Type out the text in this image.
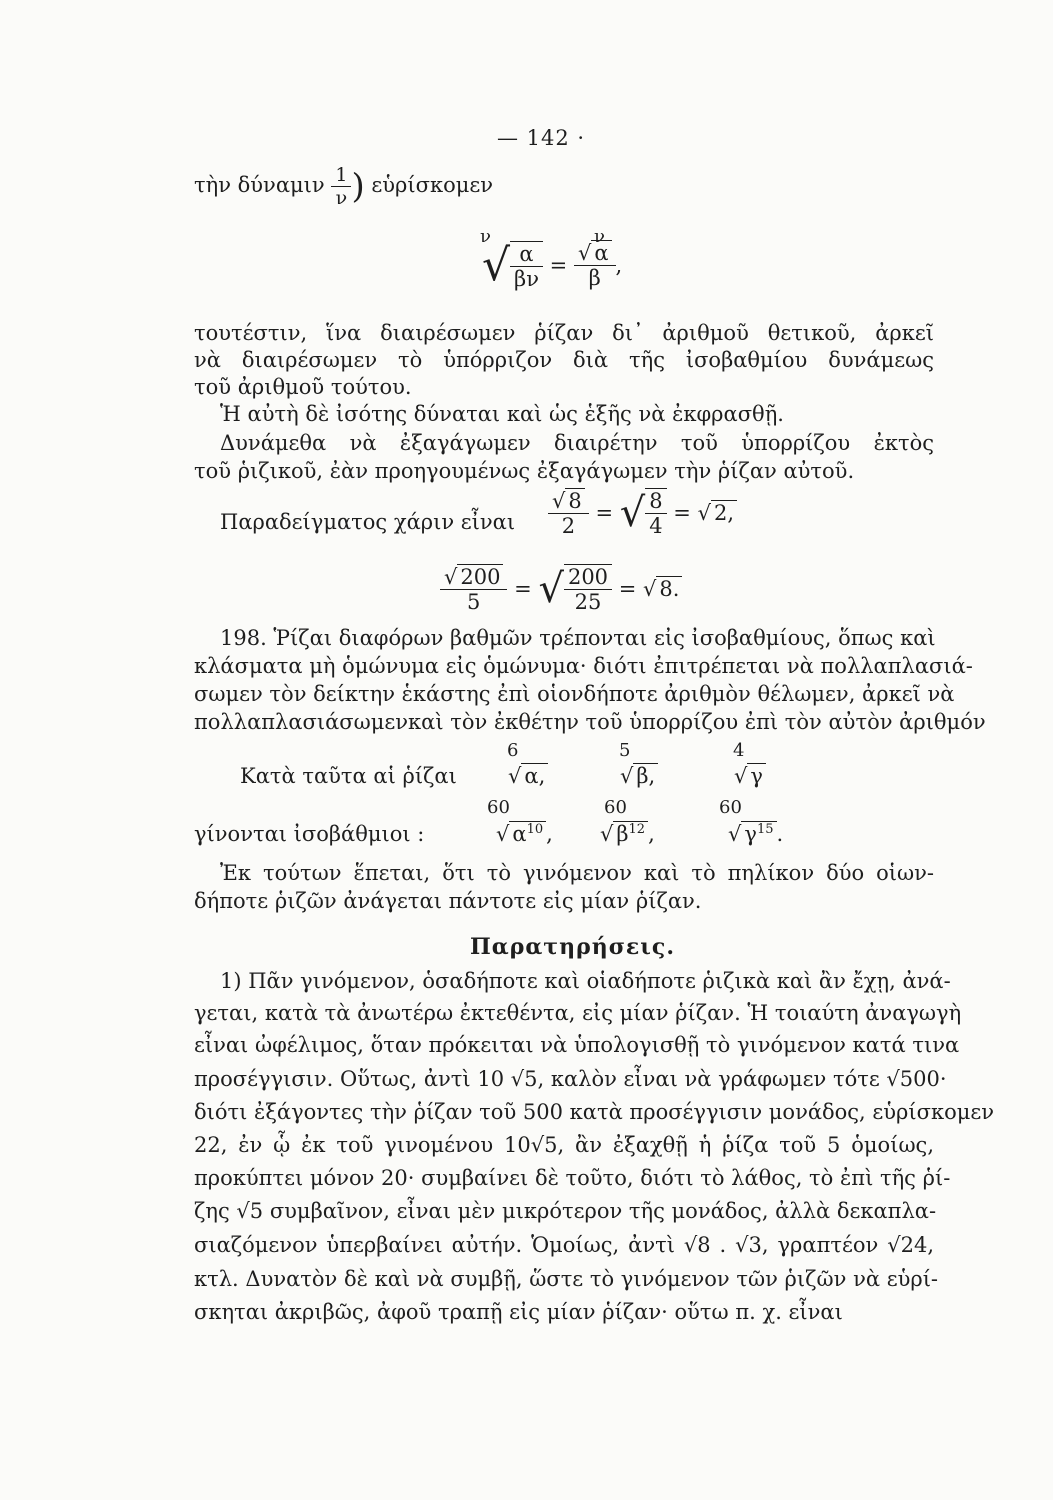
— 142 ·
τὴν δύναμιν $\frac{1}{\nu}$ ) εὑρίσκομεν
ν	ν
√ $\frac{\alpha}{\beta\nu} = \frac{√ \alpha}{\beta}$ ,
τουτέστιν, ἵνα διαιρέσωμεν ῥίζαν δι᾽ ἀριθμοῦ θετικοῦ, ἀρκεῖ
νὰ διαιρέσωμεν τὸ ὑπόρριζον διὰ τῆς ἰσοβαθμίου δυνάμεως
τοῦ ἀριθμοῦ τούτου.
Ἡ αὐτὴ δὲ ἰσότης δύναται καὶ ὡς ἑξῆς νὰ ἐκφρασθῇ.
Δυνάμεθα νὰ ἐξαγάγωμεν διαιρέτην τοῦ ὑπορρίζου ἐκτὸς
τοῦ ῥιζικοῦ, ἐὰν προηγουμένως ἐξαγάγωμεν τὴν ῥίζαν αὐτοῦ.
Παραδείγματος χάριν εἶναι $\frac{√ 8}{2}$ = √ $\frac{8}{4}$ = √ 2,
$\frac{√ 200}{5}$ = √ $\frac{200}{25}$ = √ 8.
198. Ῥίζαι διαφόρων βαθμῶν τρέπονται εἰς ἰσοβαθμίους, ὅπως καὶ
κλάσματα μὴ ὁμώνυμα εἰς ὁμώνυμα· διότι ἐπιτρέπεται νὰ πολλαπλασιά-
σωμεν τὸν δείκτην ἑκάστης ἐπὶ οἱονδήποτε ἀριθμὸν θέλωμεν, ἀρκεῖ νὰ
πολλαπλασιάσωμενκαὶ τὸν ἐκθέτην τοῦ ὑπορρίζου ἐπὶ τὸν αὐτὸν ἀριθμόν
Κατὰ ταῦτα αἱ ῥίζαι
6	5	4
√ α,	√ β,	√ γ
γίνονται ἰσοβάθμιοι :
60	60	60
√ $\alpha^{10}$ , √ $\beta^{12}$ ,	√ $\gamma^{15}$ .
Ἐκ τούτων ἕπεται, ὅτι τὸ γινόμενον καὶ τὸ πηλίκον δύο οἱων-
δήποτε ῥιζῶν ἀνάγεται πάντοτε εἰς μίαν ῥίζαν.
Παρατηρήσεις.
1) Πᾶν γινόμενον, ὁσαδήποτε καὶ οἱαδήποτε ῥιζικὰ καὶ ἂν ἔχῃ, ἀνά-
γεται, κατὰ τὰ ἀνωτέρω ἐκτεθέντα, εἰς μίαν ῥίζαν. Ἡ τοιαύτη ἀναγωγὴ
εἶναι ὠφέλιμος, ὅταν πρόκειται νὰ ὑπολογισθῇ τὸ γινόμενον κατά τινα
προσέγγισιν. Οὕτως, ἀντὶ 10 √5, καλὸν εἶναι νὰ γράφωμεν τότε √500·
διότι ἐξάγοντες τὴν ῥίζαν τοῦ 500 κατὰ προσέγγισιν μονάδος, εὑρίσκομεν
22, ἐν ᾧ ἐκ τοῦ γινομένου 10√5, ἂν ἐξαχθῇ ἡ ῥίζα τοῦ 5 ὁμοίως,
προκύπτει μόνον 20· συμβαίνει δὲ τοῦτο, διότι τὸ λάθος, τὸ ἐπὶ τῆς ῥί-
ζης √5 συμβαῖνον, εἶναι μὲν μικρότερον τῆς μονάδος, ἀλλὰ δεκαπλα-
σιαζόμενον ὑπερβαίνει αὐτήν. Ὁμοίως, ἀντὶ √8 . √3, γραπτέον √24,
κτλ. Δυνατὸν δὲ καὶ νὰ συμβῇ, ὥστε τὸ γινόμενον τῶν ῥιζῶν νὰ εὑρί-
σκηται ἀκριβῶς, ἀφοῦ τραπῇ εἰς μίαν ῥίζαν· οὕτω π. χ. εἶναι
